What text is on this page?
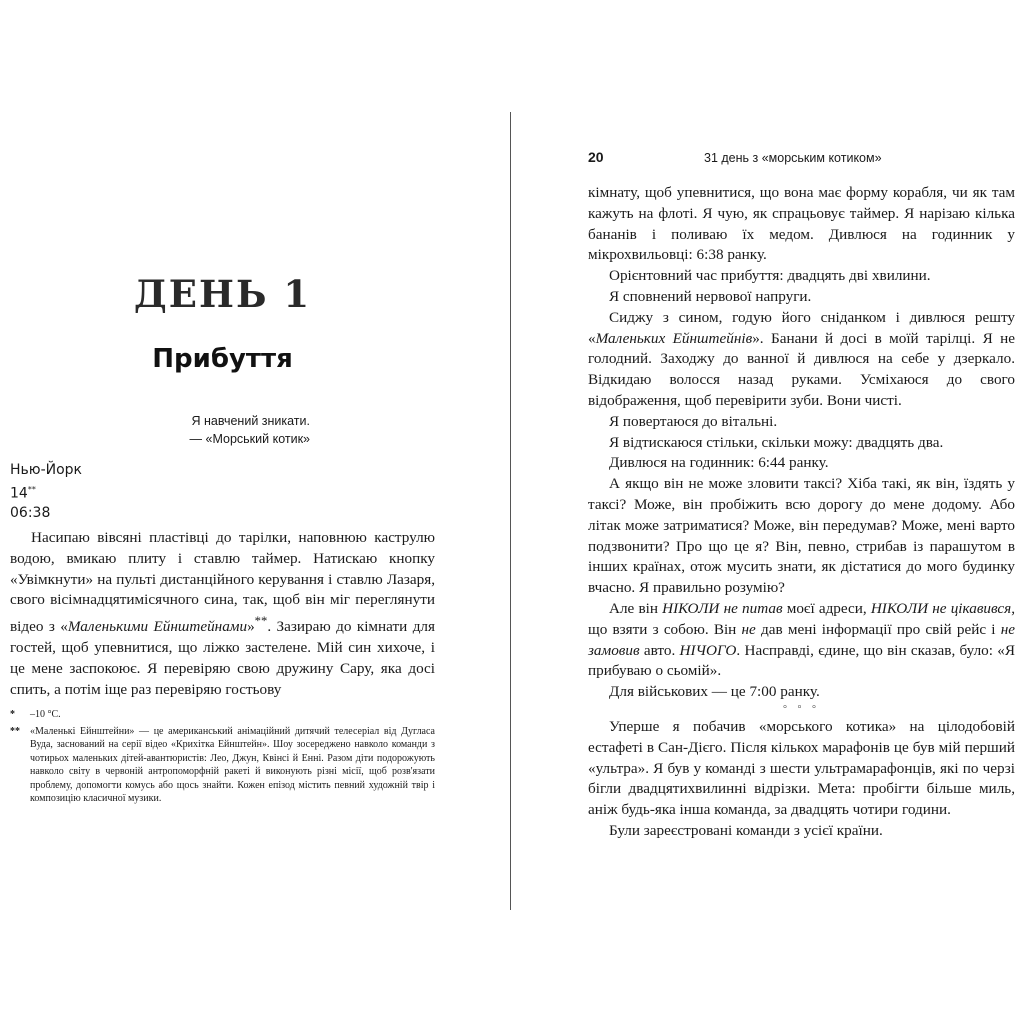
ДЕНЬ 1
Прибуття
Я навчений зникати.
— «Морський котик»
Нью-Йорк
14**
06:38

Насипаю вівсяні пластівці до тарілки, наповнюю каструлю водою, вмикаю плиту і ставлю таймер. Натискаю кнопку «Увімкнути» на пульті дистанційного керування і ставлю Лазаря, свого вісімнадцятимісячного сина, так, щоб він міг переглянути відео з «Маленькими Ейнштейнами»**. Зазираю до кімнати для гостей, щоб упевнитися, що ліжко застелене. Мій син хихоче, і це мене заспокоює. Я перевіряю свою дружину Сару, яка досі спить, а потім іще раз перевіряю гостьову

*	–10 °C.
**	«Маленькі Ейнштейни» — це американський анімаційний дитячий телесеріал від Дугласа Вуда, заснований на серії відео «Крихітка Ейнштейн». Шоу зосереджено навколо команди з чотирьох маленьких дітей-авантюристів: Лео, Джун, Квінсі й Енні. Разом діти подорожують навколо світу в червоній антропоморфній ракеті й виконують різні місії, щоб розв'язати проблему, допомогти комусь або щось знайти. Кожен епізод містить певний художній твір і композицію класичної музики.
20	31 день з «морським котиком»

кімнату, щоб упевнитися, що вона має форму корабля, чи як там кажуть на флоті. Я чую, як спрацьовує таймер. Я нарізаю кілька бананів і поливаю їх медом. Дивлюся на годинник у мікрохвильовці: 6:38 ранку.

Орієнтовний час прибуття: двадцять дві хвилини.

Я сповнений нервової напруги.

Сиджу з сином, годую його сніданком і дивлюся решту «Маленьких Ейнштейнів». Банани й досі в моїй тарілці. Я не голодний. Заходжу до ванної й дивлюся на себе у дзеркало. Відкидаю волосся назад руками. Усміхаюся до свого відображення, щоб перевірити зуби. Вони чисті.

Я повертаюся до вітальні.

Я відтискаюся стільки, скільки можу: двадцять два.

Дивлюся на годинник: 6:44 ранку.

А якщо він не може зловити таксі? Хіба такі, як він, їздять у таксі? Може, він пробіжить всю дорогу до мене додому. Або літак може затриматися? Може, він передумав? Може, мені варто подзвонити? Про що це я? Він, певно, стрибав із парашутом в інших країнах, отож мусить знати, як дістатися до мого будинку вчасно. Я правильно розумію?

Але він НІКОЛИ не питав моєї адреси, НІКОЛИ не цікавився, що взяти з собою. Він не дав мені інформації про свій рейс і не замовив авто. НІЧОГО. Насправді, єдине, що він сказав, було: «Я прибуваю о сьомій».

Для військових — це 7:00 ранку.

° ° °

Уперше я побачив «морського котика» на цілодобовій естафеті в Сан-Дієго. Після кількох марафонів це був мій перший «ультра». Я був у команді з шести ультрамарафонців, які по черзі бігли двадцятихвилинні відрізки. Мета: пробігти більше миль, аніж будь-яка інша команда, за двадцять чотири години.

Були зареєстровані команди з усієї країни.
